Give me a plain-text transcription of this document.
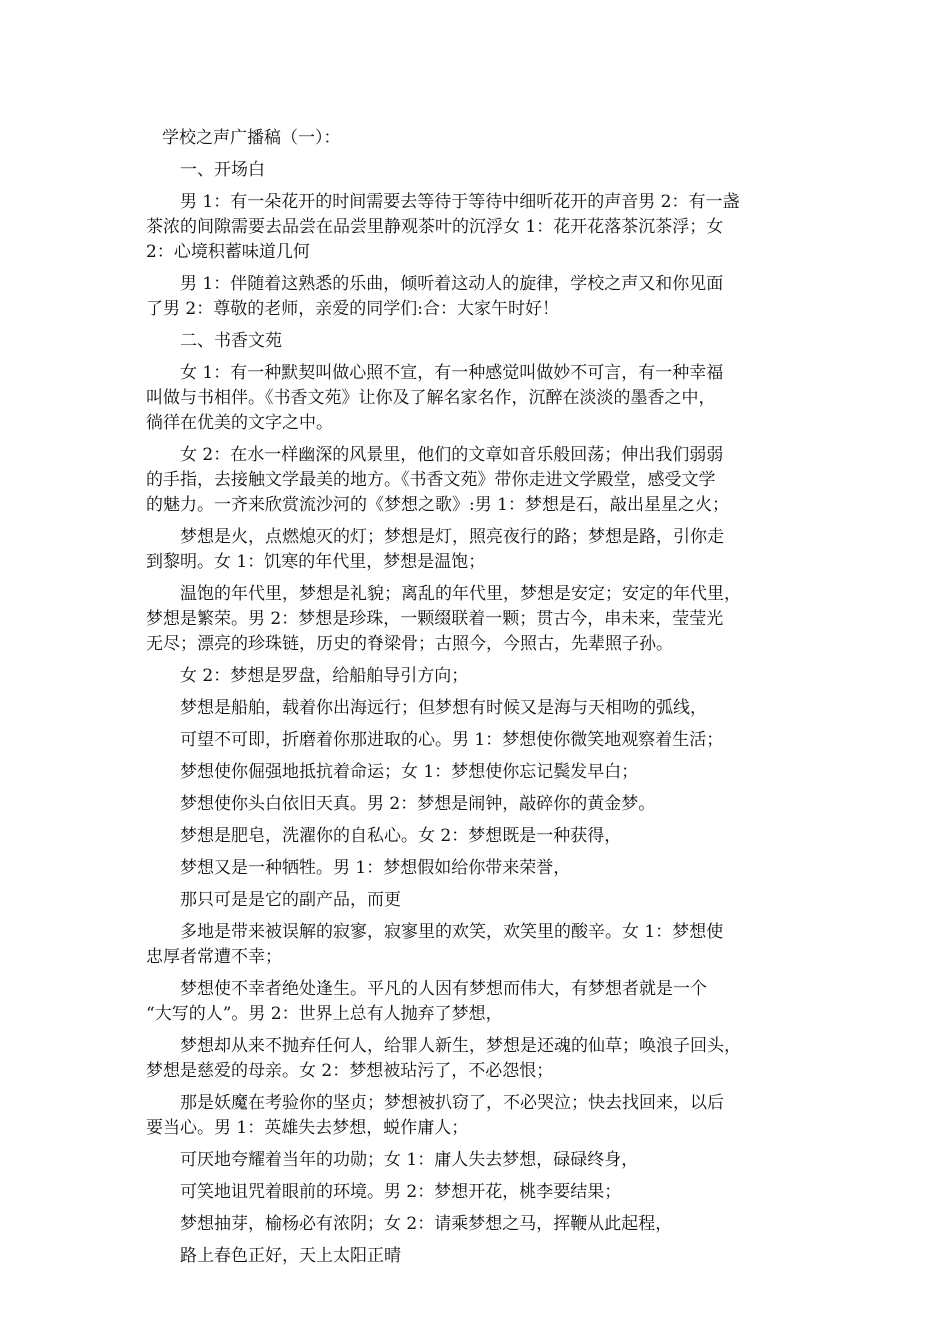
学校之声广播稿（一）：

一、开场白

男 1：有一朵花开的时间需要去等待于等待中细听花开的声音男 2：有一盏

茶浓的间隙需要去品尝在品尝里静观茶叶的沉浮女 1：花开花落茶沉茶浮；女

2：心境积蓄味道几何

男 1：伴随着这熟悉的乐曲，倾听着这动人的旋律，学校之声又和你见面

了男 2：尊敬的老师，亲爱的同学们:合：大家午时好！

二、书香文苑

女 1：有一种默契叫做心照不宣，有一种感觉叫做妙不可言，有一种幸福

叫做与书相伴。《书香文苑》让你及了解名家名作，沉醉在淡淡的墨香之中，

徜徉在优美的文字之中。

女 2：在水一样幽深的风景里，他们的文章如音乐般回荡；伸出我们弱弱

的手指，去接触文学最美的地方。《书香文苑》带你走进文学殿堂，感受文学

的魅力。一齐来欣赏流沙河的《梦想之歌》:男 1：梦想是石，敲出星星之火；

梦想是火，点燃熄灭的灯；梦想是灯，照亮夜行的路；梦想是路，引你走

到黎明。女 1：饥寒的年代里，梦想是温饱；

温饱的年代里，梦想是礼貌；离乱的年代里，梦想是安定；安定的年代里，

梦想是繁荣。男 2：梦想是珍珠，一颗缀联着一颗；贯古今，串未来，莹莹光

无尽；漂亮的珍珠链，历史的脊梁骨；古照今，今照古，先辈照子孙。

女 2：梦想是罗盘，给船舶导引方向；

梦想是船舶，载着你出海远行；但梦想有时候又是海与天相吻的弧线，

可望不可即，折磨着你那进取的心。男 1：梦想使你微笑地观察着生活；

梦想使你倔强地抵抗着命运；女 1：梦想使你忘记鬓发早白；

梦想使你头白依旧天真。男 2：梦想是闹钟，敲碎你的黄金梦。

梦想是肥皂，洗濯你的自私心。女 2：梦想既是一种获得，

梦想又是一种牺牲。男 1：梦想假如给你带来荣誉，

那只可是是它的副产品，而更

多地是带来被误解的寂寥，寂寥里的欢笑，欢笑里的酸辛。女 1：梦想使

忠厚者常遭不幸；

梦想使不幸者绝处逢生。平凡的人因有梦想而伟大，有梦想者就是一个

“大写的人”。男 2：世界上总有人抛弃了梦想，

梦想却从来不抛弃任何人，给罪人新生，梦想是还魂的仙草；唤浪子回头，

梦想是慈爱的母亲。女 2：梦想被玷污了，不必怨恨；

那是妖魔在考验你的坚贞；梦想被扒窃了，不必哭泣；快去找回来，以后

要当心。男 1：英雄失去梦想，蜕作庸人；

可厌地夸耀着当年的功勋；女 1：庸人失去梦想，碌碌终身，

可笑地诅咒着眼前的环境。男 2：梦想开花，桃李要结果；

梦想抽芽，榆杨必有浓阴；女 2：请乘梦想之马，挥鞭从此起程，

路上春色正好，天上太阳正晴
